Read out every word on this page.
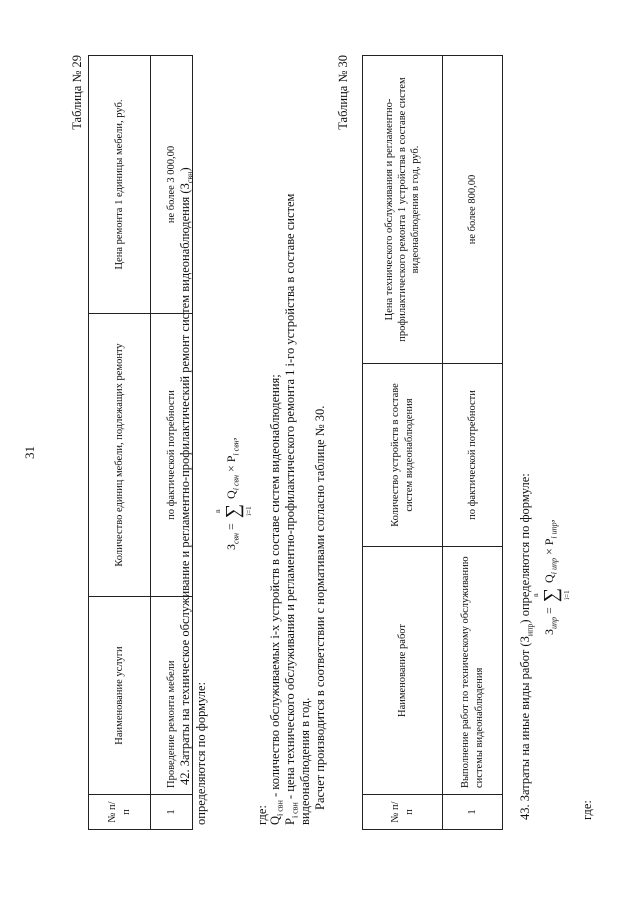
31
Таблица № 29
№ п/п	Наименование услуги	Количество единиц мебели, подлежащих ремонту	Цена ремонта 1 единицы мебели, руб.
1	Проведение ремонта мебели	по фактической потребности	не более 3 000,00 42. Затраты на техническое обслуживание и регламентно-профилактический ремонт систем видеонаблюдения $(З_{свн})$
определяются по формуле:
$З_{свн}$ = ∑
n	i=1
$Q_{i свн} \times Р_{i свн}$,
где: $Q_{i свн}$ - количество обслуживаемых i-х устройств в составе систем видеонаблюдения;
$Р_{i свн}$ - цена технического обслуживания и регламентно-профилактического ремонта 1 i-го устройства в составе систем видеонаблюдения в год. Расчет производится в соответствии с нормативами согласно таблице № 30.
Таблица № 30
№ п/п	Наименование работ	Количество устройств в составе систем видеонаблюдения	Цена технического обслуживания и регламентно-профилактического ремонта 1 устройства в составе систем видеонаблюдения в год, руб.
1	Выполнение работ по техническому обслуживанию системы видеонаблюдения	по фактической потребности	не более 800,00
43. Затраты на иные виды работ $(З_{ипр})$ определяются по формуле:
$З_{ипр}$ = ∑
n	i=1
$Q_{i ипр} \times Р_{i ипр}$,
где:
